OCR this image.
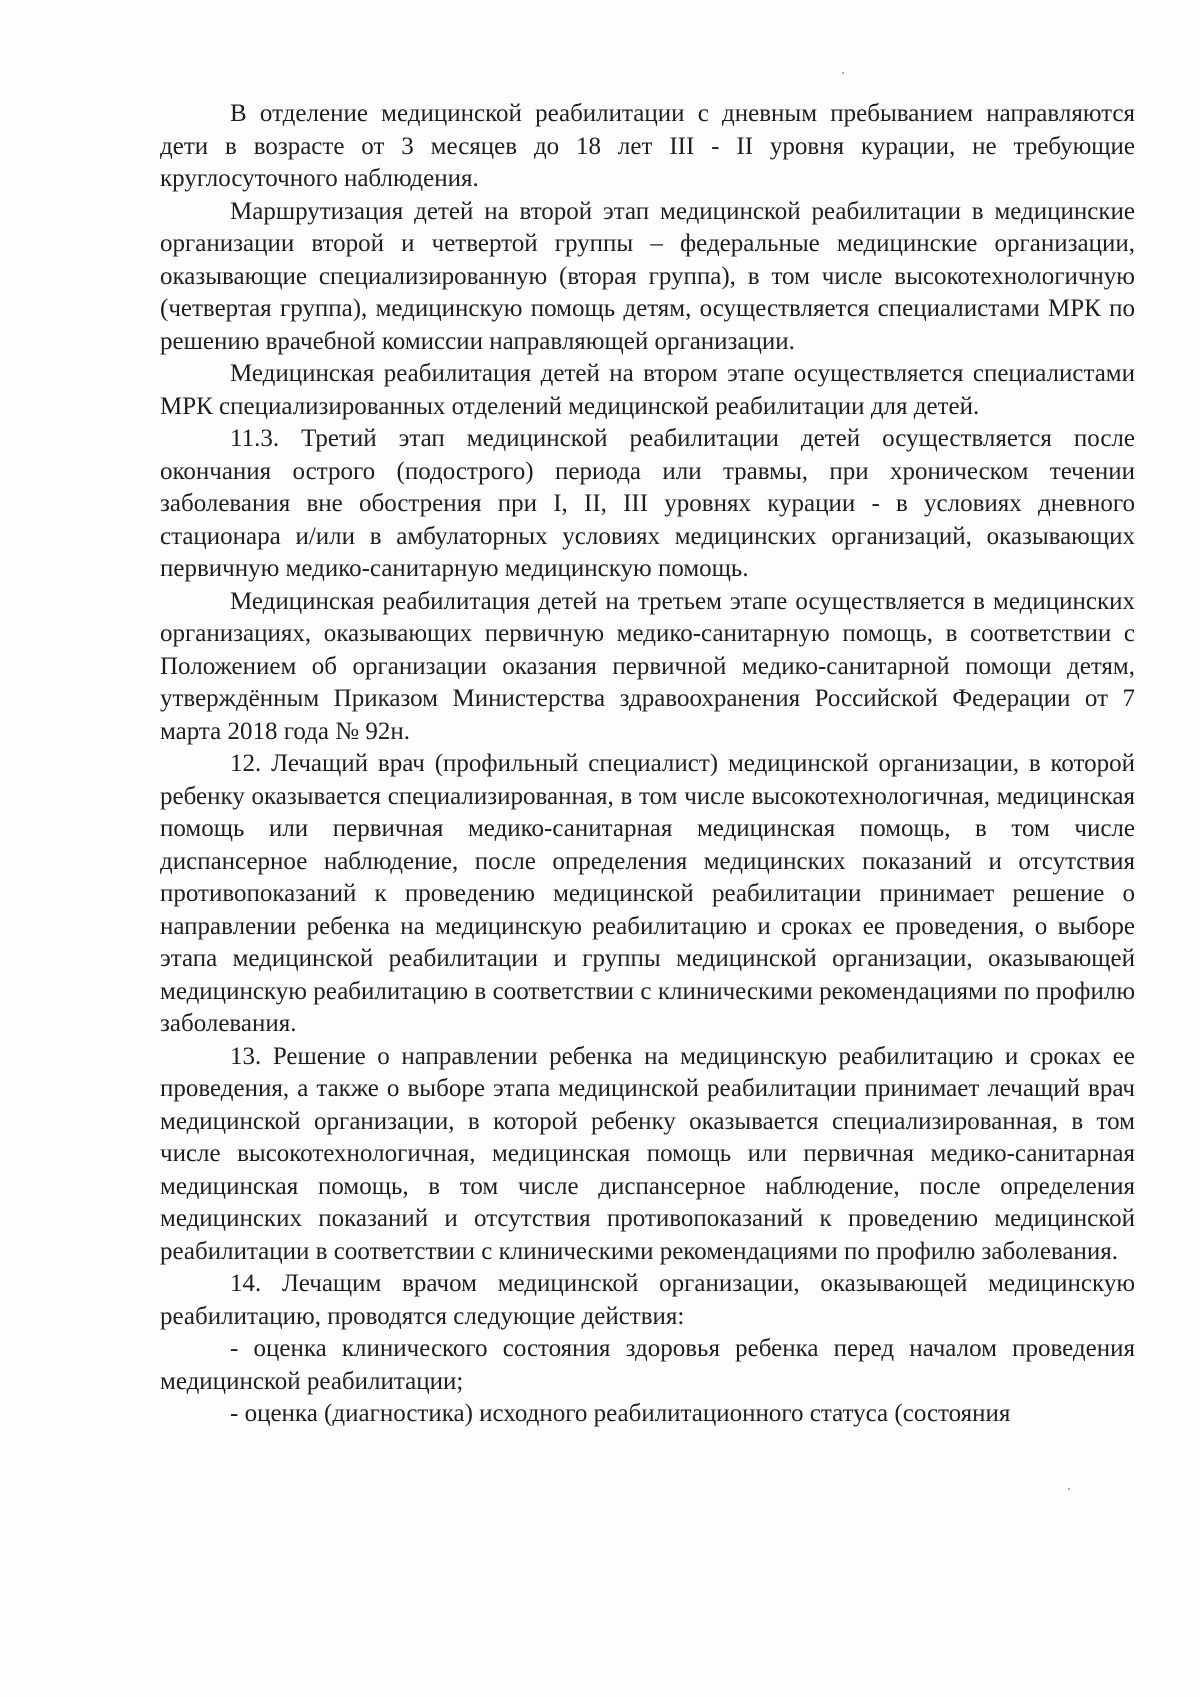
В отделение медицинской реабилитации с дневным пребыванием направляются дети в возрасте от 3 месяцев до 18 лет III - II уровня курации, не требующие круглосуточного наблюдения.

Маршрутизация детей на второй этап медицинской реабилитации в медицинские организации второй и четвертой группы – федеральные медицинские организации, оказывающие специализированную (вторая группа), в том числе высокотехнологичную (четвертая группа), медицинскую помощь детям, осуществляется специалистами МРК по решению врачебной комиссии направляющей организации.

Медицинская реабилитация детей на втором этапе осуществляется специалистами МРК специализированных отделений медицинской реабилитации для детей.

11.3. Третий этап медицинской реабилитации детей осуществляется после окончания острого (подострого) периода или травмы, при хроническом течении заболевания вне обострения при I, II, III уровнях курации - в условиях дневного стационара и/или в амбулаторных условиях медицинских организаций, оказывающих первичную медико-санитарную медицинскую помощь.

Медицинская реабилитация детей на третьем этапе осуществляется в медицинских организациях, оказывающих первичную медико-санитарную помощь, в соответствии с Положением об организации оказания первичной медико-санитарной помощи детям, утверждённым Приказом Министерства здравоохранения Российской Федерации от 7 марта 2018 года № 92н.

12. Лечащий врач (профильный специалист) медицинской организации, в которой ребенку оказывается специализированная, в том числе высокотехнологичная, медицинская помощь или первичная медико-санитарная медицинская помощь, в том числе диспансерное наблюдение, после определения медицинских показаний и отсутствия противопоказаний к проведению медицинской реабилитации принимает решение о направлении ребенка на медицинскую реабилитацию и сроках ее проведения, о выборе этапа медицинской реабилитации и группы медицинской организации, оказывающей медицинскую реабилитацию в соответствии с клиническими рекомендациями по профилю заболевания.

13. Решение о направлении ребенка на медицинскую реабилитацию и сроках ее проведения, а также о выборе этапа медицинской реабилитации принимает лечащий врач медицинской организации, в которой ребенку оказывается специализированная, в том числе высокотехнологичная, медицинская помощь или первичная медико-санитарная медицинская помощь, в том числе диспансерное наблюдение, после определения медицинских показаний и отсутствия противопоказаний к проведению медицинской реабилитации в соответствии с клиническими рекомендациями по профилю заболевания.

14. Лечащим врачом медицинской организации, оказывающей медицинскую реабилитацию, проводятся следующие действия:

- оценка клинического состояния здоровья ребенка перед началом проведения медицинской реабилитации;

- оценка (диагностика) исходного реабилитационного статуса (состояния
